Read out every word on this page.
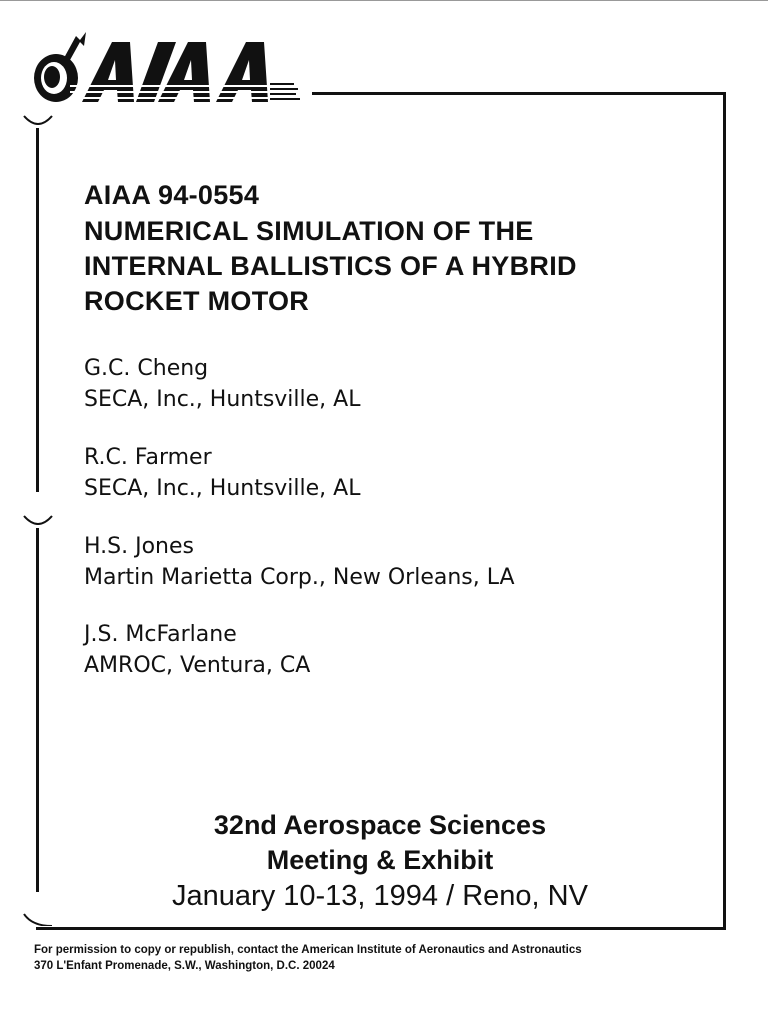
AIAA 94-0554
NUMERICAL SIMULATION OF THE
INTERNAL BALLISTICS OF A HYBRID
ROCKET MOTOR
G.C. Cheng
SECA, Inc., Huntsville, AL
R.C. Farmer
SECA, Inc., Huntsville, AL
H.S. Jones
Martin Marietta Corp., New Orleans, LA
J.S. McFarlane
AMROC, Ventura, CA
32nd Aerospace Sciences
Meeting & Exhibit
January 10-13, 1994 / Reno, NV
For permission to copy or republish, contact the American Institute of Aeronautics and Astronautics
370 L'Enfant Promenade, S.W., Washington, D.C. 20024
